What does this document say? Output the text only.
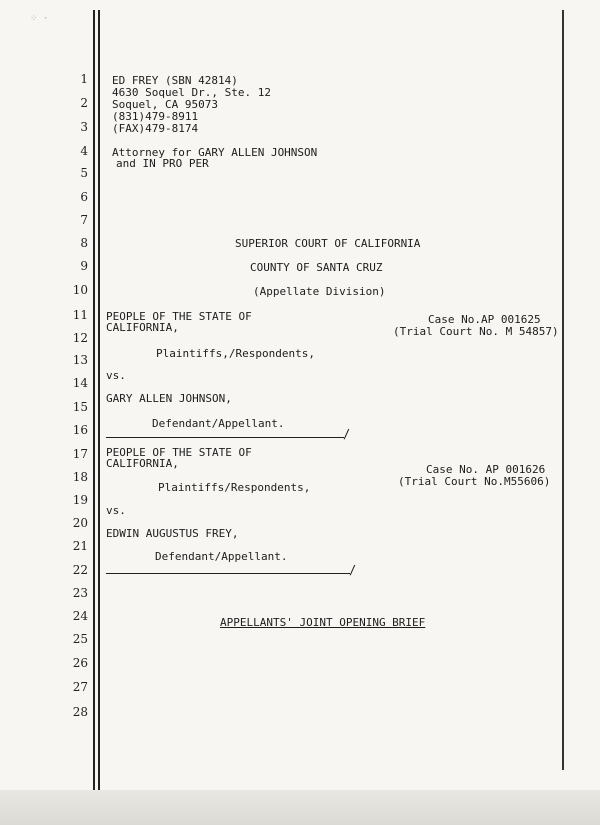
⁘ ·
1
2
3
4
5
6
7
8
9
10
11
12
13
14
15
16
17
18
19
20
21
22
23
24
25
26
27
28
ED FREY (SBN 42814)
4630 Soquel Dr., Ste. 12
Soquel, CA 95073
(831)479-8911
(FAX)479-8174
Attorney for GARY ALLEN JOHNSON
and IN PRO PER
SUPERIOR COURT OF CALIFORNIA
COUNTY OF SANTA CRUZ
(Appellate Division)
PEOPLE OF THE STATE OF
CALIFORNIA,
Plaintiffs,/Respondents,
vs.
GARY ALLEN JOHNSON,
Defendant/Appellant.
/
Case No.AP 001625
(Trial Court No. M 54857)
PEOPLE OF THE STATE OF
CALIFORNIA,
Plaintiffs/Respondents,
vs.
EDWIN AUGUSTUS FREY,
Defendant/Appellant.
/
Case No. AP 001626
(Trial Court No.M55606)
APPELLANTS' JOINT OPENING BRIEF
